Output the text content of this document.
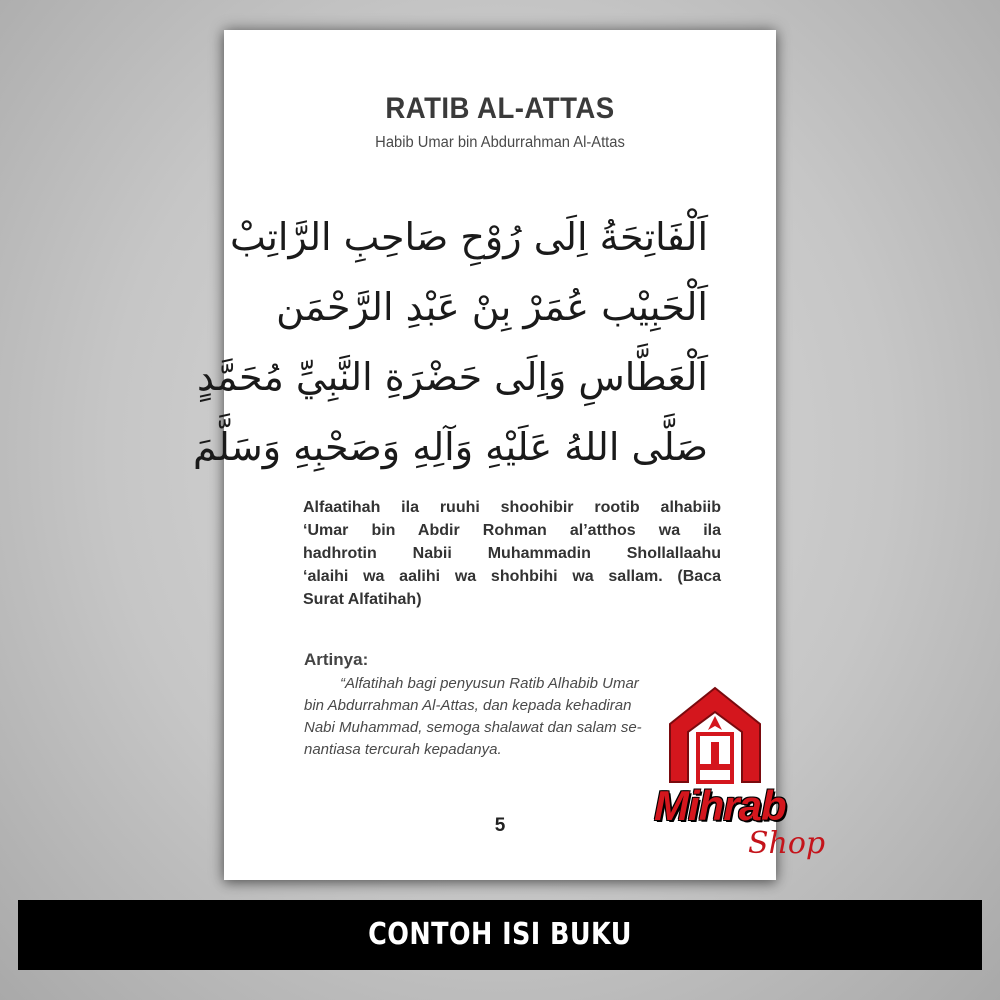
RATIB AL-ATTAS
Habib Umar bin Abdurrahman Al-Attas
اَلْفَاتِحَةُ اِلَى رُوْحِ صَاحِبِ الرَّاتِبْ
اَلْحَبِيْب عُمَرْ بِنْ عَبْدِ الرَّحْمَن
اَلْعَطَّاسِ وَاِلَى حَضْرَةِ النَّبِيِّ مُحَمَّدٍ
صَلَّى اللهُ عَلَيْهِ وَآلِهِ وَصَحْبِهِ وَسَلَّمَ
Alfaatihah ila ruuhi shoohibir rootib alhabiib
‘Umar bin Abdir Rohman al’atthos wa ila
hadhrotin Nabii Muhammadin Shollallaahu
‘alaihi wa aalihi wa shohbihi wa sallam. (Baca
Surat Alfatihah)
Artinya:
“Alfatihah bagi penyusun Ratib Alhabib Umar
bin Abdurrahman Al-Attas, dan kepada kehadiran
Nabi Muhammad, semoga shalawat dan salam se-
nantiasa tercurah kepadanya.
5	Mihrab
Shop
CONTOH ISI BUKU
